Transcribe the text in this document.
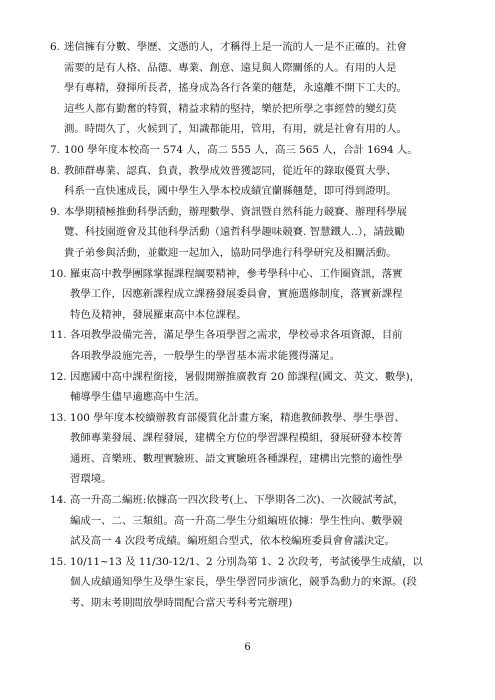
6. 迷信擁有分數、學歷、文憑的人，才稱得上是一流的人一是不正確的。社會
需要的是有人格、品德、專業、創意、遠見與人際關係的人。有用的人是
學有專精，發揮所長者，搖身成為各行各業的翹楚，永遠離不開下工夫的。
這些人都有勤奮的特質，精益求精的堅持，樂於把所學之事經營的變幻莫
測。時間久了，火候到了，知識都能用，管用，有用，就是社會有用的人。
7. 100 學年度本校高一 574 人，高二 555 人，高三 565 人，合計 1694 人。
8. 教師群專業、認真、負責，教學成效普獲認同，從近年的錄取優質大學、
科系一直快速成長，國中學生入學本校成績宜蘭縣翹楚，即可得到證明。
9. 本學期積極推動科學活動，辦理數學、資訊暨自然科能力競賽、辦理科學展
覽、科技園遊會及其他科學活動（遠哲科學趣味競賽. 智慧鐵人..），請鼓勵
貴子弟參與活動，並歡迎一起加入，協助同學進行科學研究及相關活動。
10. 羅東高中教學團隊掌握課程綱要精神，參考學科中心、工作圈資訊，落實
教學工作，因應新課程成立課務發展委員會，實施選修制度，落實新課程
特色及精神，發展羅東高中本位課程。
11. 各項教學設備完善，滿足學生各項學習之需求，學校尋求各項資源，目前
各項教學設施完善，一般學生的學習基本需求能獲得滿足。
12. 因應國中高中課程銜接，暑假開辦推廣教育 20 節課程(國文、英文、數學)，
輔導學生儘早適應高中生活。
13. 100 學年度本校續辦教育部優質化計畫方案，精進教師教學、學生學習、
教師專業發展、課程發展，建構全方位的學習課程模組，發展研發本校菁
通班、音樂班、數理實驗班、語文實驗班各種課程，建構出完整的適性學
習環境。
14. 高一升高二編班:依據高一四次段考(上、下學期各二次)、一次競試考試，
編成一、二、三類組。高一升高二學生分組編班依據：學生性向、數學競
試及高一 4 次段考成績。編班組合型式，依本校編班委員會會議決定。
15. 10/11~13 及 11/30-12/1、2 分別為第 1、2 次段考，考試後學生成績，以
個人成績通知學生及學生家長，學生學習同步演化，競爭為動力的來源。(段
考、期末考期間放學時間配合當天考科考完辦理)
6
